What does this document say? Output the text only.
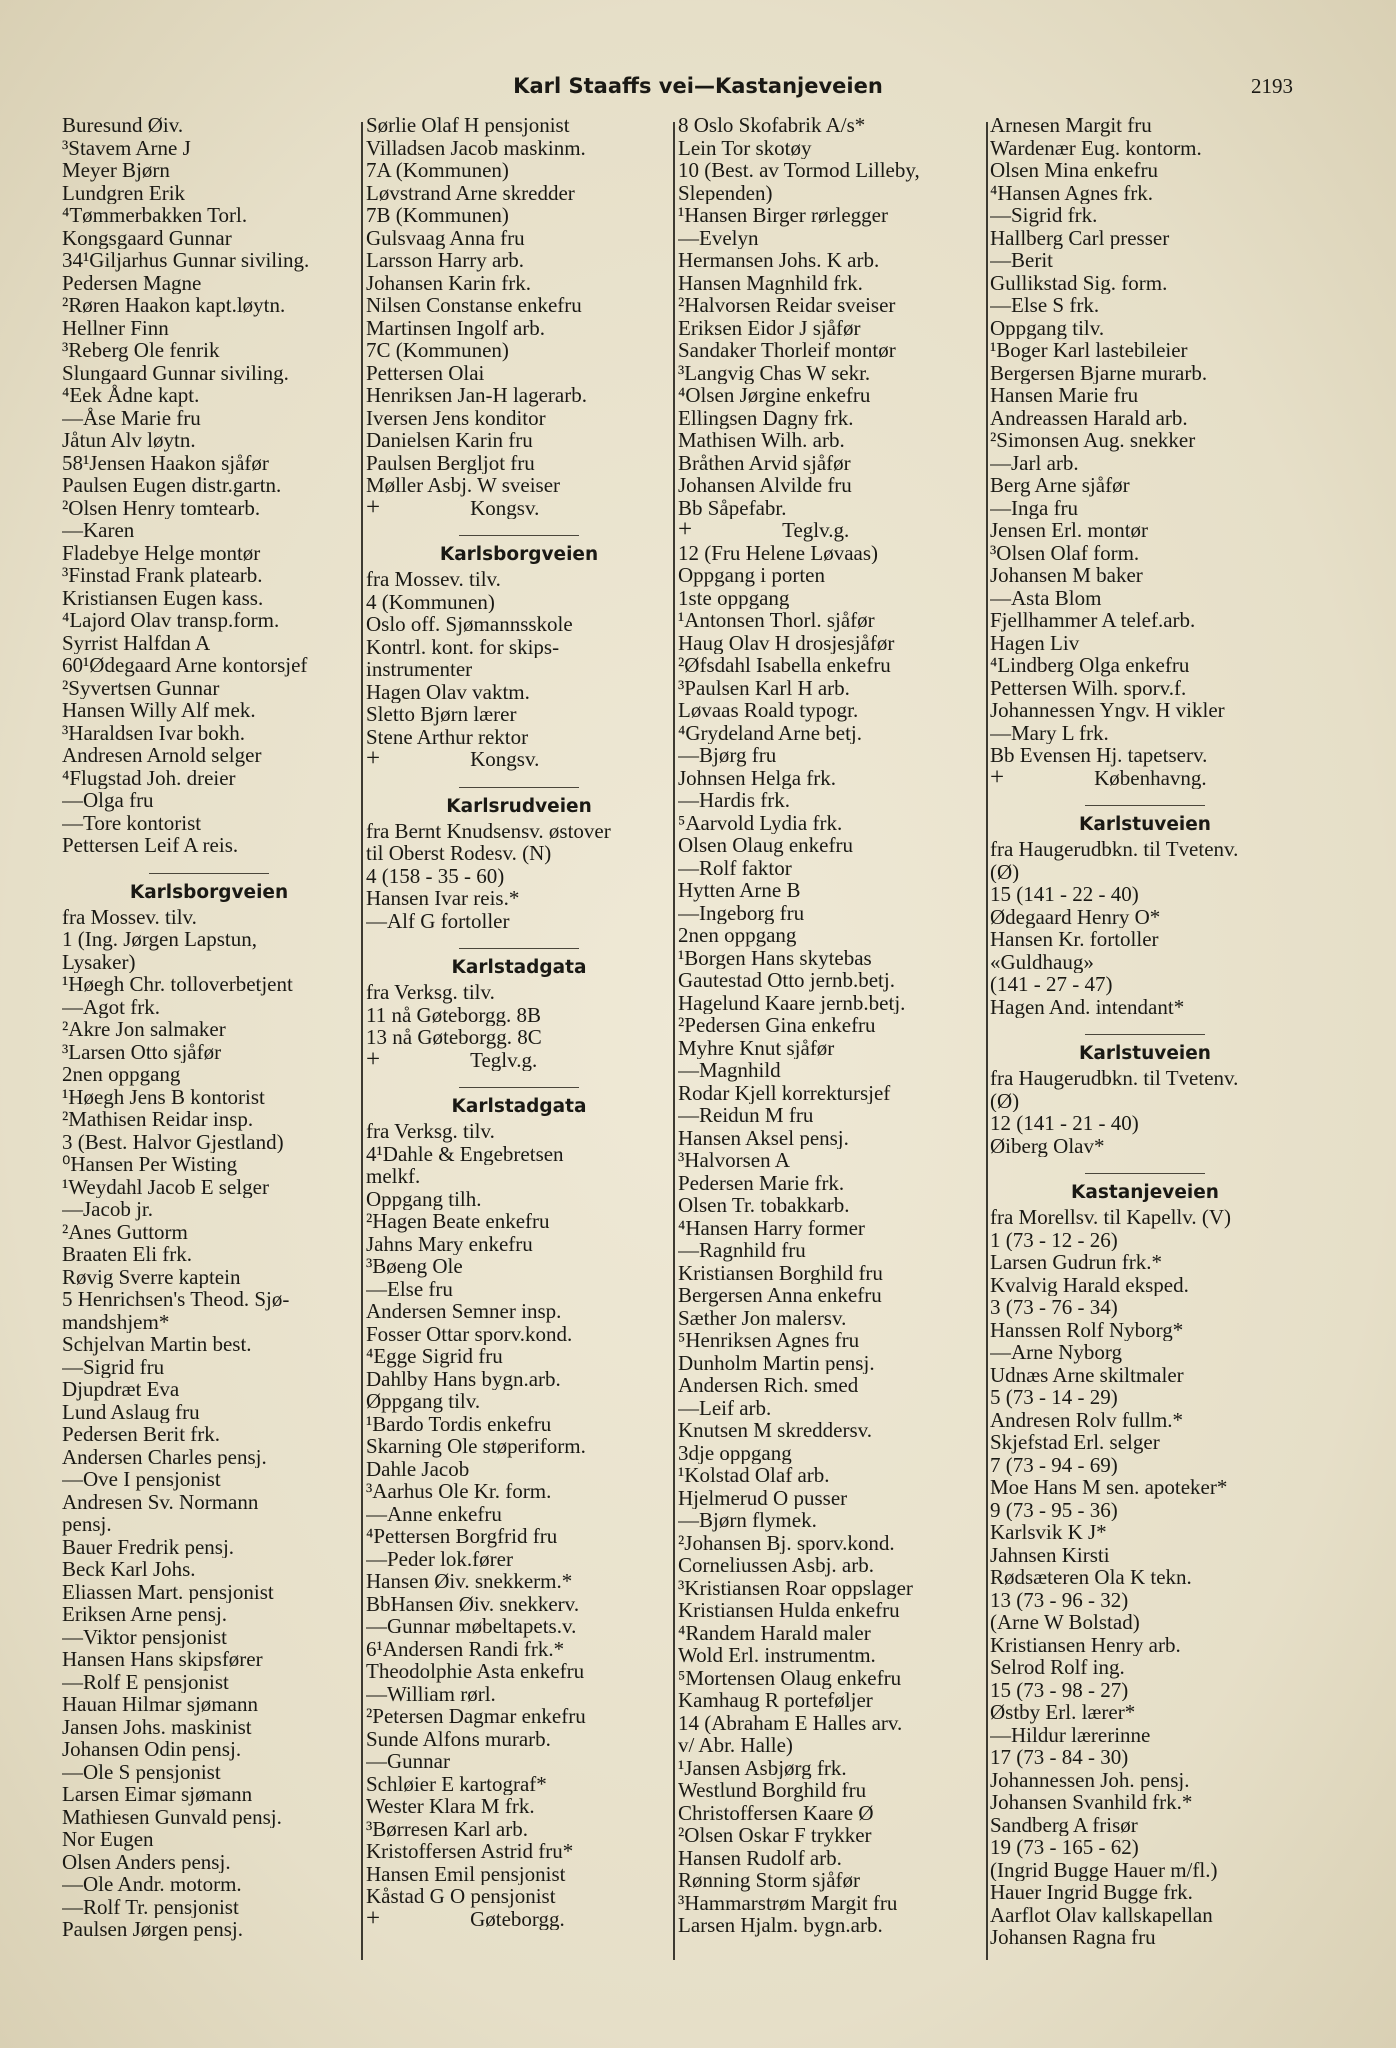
Karl Staaffs vei—Kastanjeveien	2193
Buresund Øiv.
³Stavem Arne J
Meyer Bjørn
Lundgren Erik
⁴Tømmerbakken Torl.
Kongsgaard Gunnar
34¹Giljarhus Gunnar siviling.
Pedersen Magne
²Røren Haakon kapt.løytn.
Hellner Finn
³Reberg Ole fenrik
Slungaard Gunnar siviling.
⁴Eek Ådne kapt.
—Åse Marie fru
Jåtun Alv løytn.
58¹Jensen Haakon sjåfør
Paulsen Eugen distr.gartn.
²Olsen Henry tomtearb.
—Karen
Fladebye Helge montør
³Finstad Frank platearb.
Kristiansen Eugen kass.
⁴Lajord Olav transp.form.
Syrrist Halfdan A
60¹Ødegaard Arne kontorsjef
²Syvertsen Gunnar
Hansen Willy Alf mek.
³Haraldsen Ivar bokh.
Andresen Arnold selger
⁴Flugstad Joh. dreier
—Olga fru
—Tore kontorist
Pettersen Leif A reis.
Karlsborgveien
fra Mossev. tilv.
1 (Ing. Jørgen Lapstun,
Lysaker)
¹Høegh Chr. tolloverbetjent
—Agot frk.
²Akre Jon salmaker
³Larsen Otto sjåfør
2nen oppgang
¹Høegh Jens B kontorist
²Mathisen Reidar insp.
3 (Best. Halvor Gjestland)
⁰Hansen Per Wisting
¹Weydahl Jacob E selger
—Jacob jr.
²Anes Guttorm
Braaten Eli frk.
Røvig Sverre kaptein
5 Henrichsen's Theod. Sjø-
mandshjem*
Schjelvan Martin best.
—Sigrid fru
Djupdræt Eva
Lund Aslaug fru
Pedersen Berit frk.
Andersen Charles pensj.
—Ove I pensjonist
Andresen Sv. Normann
pensj.
Bauer Fredrik pensj.
Beck Karl Johs.
Eliassen Mart. pensjonist
Eriksen Arne pensj.
—Viktor pensjonist
Hansen Hans skipsfører
—Rolf E pensjonist
Hauan Hilmar sjømann
Jansen Johs. maskinist
Johansen Odin pensj.
—Ole S pensjonist
Larsen Eimar sjømann
Mathiesen Gunvald pensj.
Nor Eugen
Olsen Anders pensj.
—Ole Andr. motorm.
—Rolf Tr. pensjonist
Paulsen Jørgen pensj.
Sørlie Olaf H pensjonist
Villadsen Jacob maskinm.
7A (Kommunen)
Løvstrand Arne skredder
7B (Kommunen)
Gulsvaag Anna fru
Larsson Harry arb.
Johansen Karin frk.
Nilsen Constanse enkefru
Martinsen Ingolf arb.
7C (Kommunen)
Pettersen Olai
Henriksen Jan-H lagerarb.
Iversen Jens konditor
Danielsen Karin fru
Paulsen Bergljot fru
Møller Asbj. W sveiser
+	Kongsv.
Karlsborgveien
fra Mossev. tilv.
4 (Kommunen)
Oslo off. Sjømannsskole
Kontrl. kont. for skips-
instrumenter
Hagen Olav vaktm.
Sletto Bjørn lærer
Stene Arthur rektor
+	Kongsv.
Karlsrudveien
fra Bernt Knudsensv. østover
til Oberst Rodesv. (N)
4 (158 - 35 - 60)
Hansen Ivar reis.*
—Alf G fortoller
Karlstadgata
fra Verksg. tilv.
11 nå Gøteborgg. 8B
13 nå Gøteborgg. 8C
+	Teglv.g.
Karlstadgata
fra Verksg. tilv.
4¹Dahle & Engebretsen
melkf.
Oppgang tilh.
²Hagen Beate enkefru
Jahns Mary enkefru
³Bøeng Ole
—Else fru
Andersen Semner insp.
Fosser Ottar sporv.kond.
⁴Egge Sigrid fru
Dahlby Hans bygn.arb.
Øppgang tilv.
¹Bardo Tordis enkefru
Skarning Ole støperiform.
Dahle Jacob
³Aarhus Ole Kr. form.
—Anne enkefru
⁴Pettersen Borgfrid fru
—Peder lok.fører
Hansen Øiv. snekkerm.*
BbHansen Øiv. snekkerv.
—Gunnar møbeltapets.v.
6¹Andersen Randi frk.*
Theodolphie Asta enkefru
—William rørl.
²Petersen Dagmar enkefru
Sunde Alfons murarb.
—Gunnar
Schløier E kartograf*
Wester Klara M frk.
³Børresen Karl arb.
Kristoffersen Astrid fru*
Hansen Emil pensjonist
Kåstad G O pensjonist
+	Gøteborgg.
8 Oslo Skofabrik A/s*
Lein Tor skotøy
10 (Best. av Tormod Lilleby,
Slependen)
¹Hansen Birger rørlegger
—Evelyn
Hermansen Johs. K arb.
Hansen Magnhild frk.
²Halvorsen Reidar sveiser
Eriksen Eidor J sjåfør
Sandaker Thorleif montør
³Langvig Chas W sekr.
⁴Olsen Jørgine enkefru
Ellingsen Dagny frk.
Mathisen Wilh. arb.
Bråthen Arvid sjåfør
Johansen Alvilde fru
Bb Såpefabr.
+	Teglv.g.
12 (Fru Helene Løvaas)
Oppgang i porten
1ste oppgang
¹Antonsen Thorl. sjåfør
Haug Olav H drosjesjåfør
²Øfsdahl Isabella enkefru
³Paulsen Karl H arb.
Løvaas Roald typogr.
⁴Grydeland Arne betj.
—Bjørg fru
Johnsen Helga frk.
—Hardis frk.
⁵Aarvold Lydia frk.
Olsen Olaug enkefru
—Rolf faktor
Hytten Arne B
—Ingeborg fru
2nen oppgang
¹Borgen Hans skytebas
Gautestad Otto jernb.betj.
Hagelund Kaare jernb.betj.
²Pedersen Gina enkefru
Myhre Knut sjåfør
—Magnhild
Rodar Kjell korrektursjef
—Reidun M fru
Hansen Aksel pensj.
³Halvorsen A
Pedersen Marie frk.
Olsen Tr. tobakkarb.
⁴Hansen Harry former
—Ragnhild fru
Kristiansen Borghild fru
Bergersen Anna enkefru
Sæther Jon malersv.
⁵Henriksen Agnes fru
Dunholm Martin pensj.
Andersen Rich. smed
—Leif arb.
Knutsen M skreddersv.
3dje oppgang
¹Kolstad Olaf arb.
Hjelmerud O pusser
—Bjørn flymek.
²Johansen Bj. sporv.kond.
Corneliussen Asbj. arb.
³Kristiansen Roar oppslager
Kristiansen Hulda enkefru
⁴Randem Harald maler
Wold Erl. instrumentm.
⁵Mortensen Olaug enkefru
Kamhaug R porteføljer
14 (Abraham E Halles arv.
v/ Abr. Halle)
¹Jansen Asbjørg frk.
Westlund Borghild fru
Christoffersen Kaare Ø
²Olsen Oskar F trykker
Hansen Rudolf arb.
Rønning Storm sjåfør
³Hammarstrøm Margit fru
Larsen Hjalm. bygn.arb.
Arnesen Margit fru
Wardenær Eug. kontorm.
Olsen Mina enkefru
⁴Hansen Agnes frk.
—Sigrid frk.
Hallberg Carl presser
—Berit
Gullikstad Sig. form.
—Else S frk.
Oppgang tilv.
¹Boger Karl lastebileier
Bergersen Bjarne murarb.
Hansen Marie fru
Andreassen Harald arb.
²Simonsen Aug. snekker
—Jarl arb.
Berg Arne sjåfør
—Inga fru
Jensen Erl. montør
³Olsen Olaf form.
Johansen M baker
—Asta Blom
Fjellhammer A telef.arb.
Hagen Liv
⁴Lindberg Olga enkefru
Pettersen Wilh. sporv.f.
Johannessen Yngv. H vikler
—Mary L frk.
Bb Evensen Hj. tapetserv.
+	Københavng.
Karlstuveien
fra Haugerudbkn. til Tvetenv.
(Ø)
15 (141 - 22 - 40)
Ødegaard Henry O*
Hansen Kr. fortoller
«Guldhaug»
(141 - 27 - 47)
Hagen And. intendant*
Karlstuveien
fra Haugerudbkn. til Tvetenv.
(Ø)
12 (141 - 21 - 40)
Øiberg Olav*
Kastanjeveien
fra Morellsv. til Kapellv. (V)
1 (73 - 12 - 26)
Larsen Gudrun frk.*
Kvalvig Harald eksped.
3 (73 - 76 - 34)
Hanssen Rolf Nyborg*
—Arne Nyborg
Udnæs Arne skiltmaler
5 (73 - 14 - 29)
Andresen Rolv fullm.*
Skjefstad Erl. selger
7 (73 - 94 - 69)
Moe Hans M sen. apoteker*
9 (73 - 95 - 36)
Karlsvik K J*
Jahnsen Kirsti
Rødsæteren Ola K tekn.
13 (73 - 96 - 32)
(Arne W Bolstad)
Kristiansen Henry arb.
Selrod Rolf ing.
15 (73 - 98 - 27)
Østby Erl. lærer*
—Hildur lærerinne
17 (73 - 84 - 30)
Johannessen Joh. pensj.
Johansen Svanhild frk.*
Sandberg A frisør
19 (73 - 165 - 62)
(Ingrid Bugge Hauer m/fl.)
Hauer Ingrid Bugge frk.
Aarflot Olav kallskapellan
Johansen Ragna fru
